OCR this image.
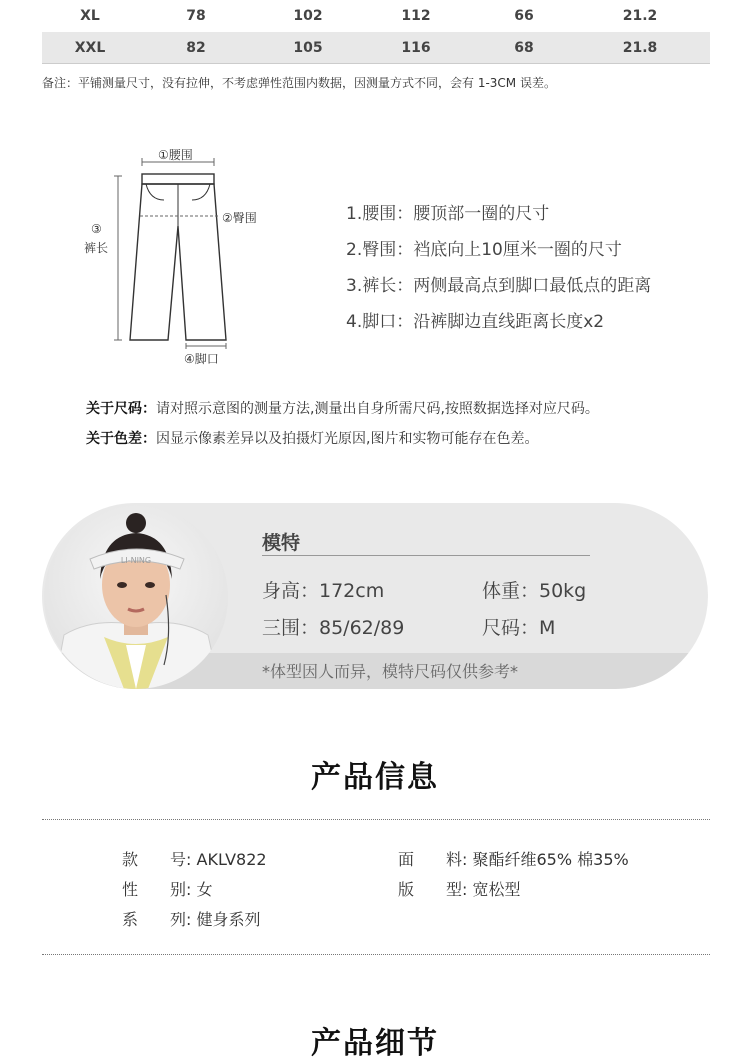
XL	78	102	112	66	21.2
XXL	82	105	116	68	21.8
备注：平铺测量尺寸，没有拉伸，不考虑弹性范围内数据，因测量方式不同，会有 1-3CM 误差。
①腰围
②臀围
③
裤长
④脚口
1.腰围：腰顶部一圈的尺寸
2.臀围：裆底向上10厘米一圈的尺寸
3.裤长：两侧最高点到脚口最低点的距离
4.脚口：沿裤脚边直线距离长度x2
关于尺码：请对照示意图的测量方法,测量出自身所需尺码,按照数据选择对应尺码。
关于色差：因显示像素差异以及拍摄灯光原因,图片和实物可能存在色差。
LI-NING
模特
身高：172cm	体重：50kg
三围：85/62/89	尺码：M
*体型因人而异，模特尺码仅供参考*
产品信息
款　　号: AKLV822	面　　料: 聚酯纤维65% 棉35%
性　　别: 女	版　　型: 宽松型
系　　列: 健身系列
产品细节
